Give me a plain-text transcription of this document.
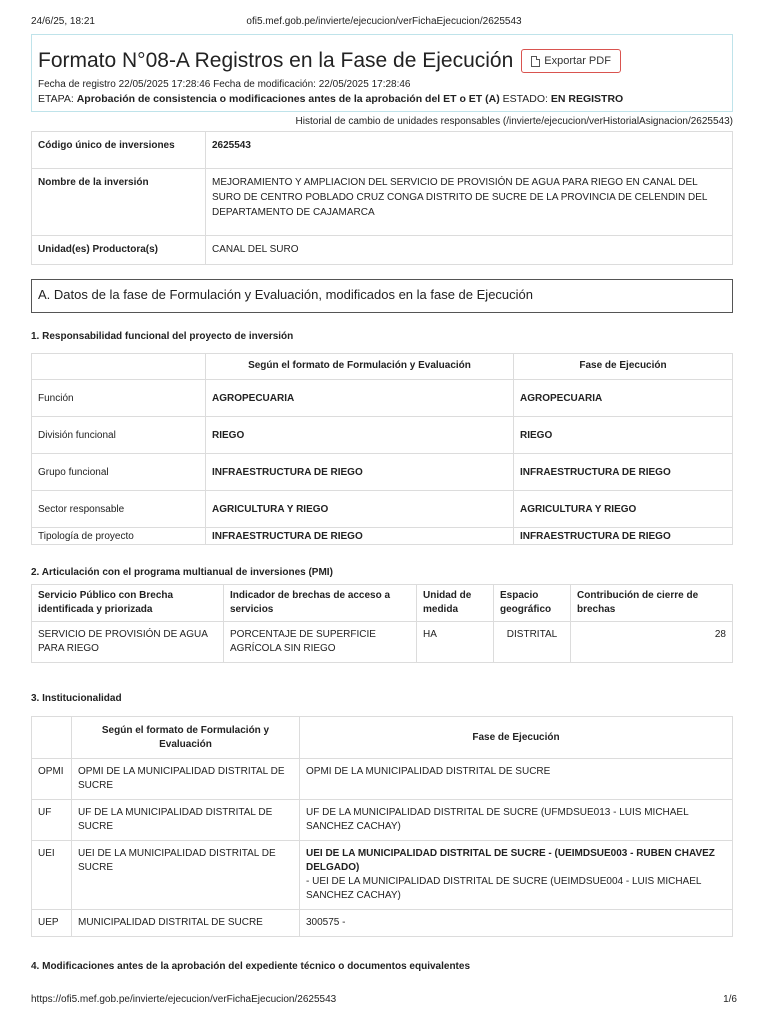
24/6/25, 18:21	ofi5.mef.gob.pe/invierte/ejecucion/verFichaEjecucion/2625543
Formato N°08-A Registros en la Fase de Ejecución	Exportar PDF
Fecha de registro 22/05/2025 17:28:46 Fecha de modificación: 22/05/2025 17:28:46
ETAPA: Aprobación de consistencia o modificaciones antes de la aprobación del ET o ET (A) ESTADO: EN REGISTRO
Historial de cambio de unidades responsables (/invierte/ejecucion/verHistorialAsignacion/2625543)
Código único de inversiones	2625543
Nombre de la inversión	MEJORAMIENTO Y AMPLIACION DEL SERVICIO DE PROVISIÓN DE AGUA PARA RIEGO EN CANAL DEL SURO DE CENTRO POBLADO CRUZ CONGA DISTRITO DE SUCRE DE LA PROVINCIA DE CELENDIN DEL DEPARTAMENTO DE CAJAMARCA
Unidad(es) Productora(s)	CANAL DEL SURO
A. Datos de la fase de Formulación y Evaluación, modificados en la fase de Ejecución
1. Responsabilidad funcional del proyecto de inversión
	Según el formato de Formulación y Evaluación	Fase de Ejecución
Función	AGROPECUARIA	AGROPECUARIA
División funcional	RIEGO	RIEGO
Grupo funcional	INFRAESTRUCTURA DE RIEGO	INFRAESTRUCTURA DE RIEGO
Sector responsable	AGRICULTURA Y RIEGO	AGRICULTURA Y RIEGO
Tipología de proyecto	INFRAESTRUCTURA DE RIEGO	INFRAESTRUCTURA DE RIEGO
2. Articulación con el programa multianual de inversiones (PMI)
Servicio Público con Brecha identificada y priorizada	Indicador de brechas de acceso a servicios	Unidad de medida	Espacio geográfico	Contribución de cierre de brechas
SERVICIO DE PROVISIÓN DE AGUA PARA RIEGO	PORCENTAJE DE SUPERFICIE AGRÍCOLA SIN RIEGO	HA	DISTRITAL	28
3. Institucionalidad
	Según el formato de Formulación y Evaluación	Fase de Ejecución
OPMI	OPMI DE LA MUNICIPALIDAD DISTRITAL DE SUCRE	OPMI DE LA MUNICIPALIDAD DISTRITAL DE SUCRE
UF	UF DE LA MUNICIPALIDAD DISTRITAL DE SUCRE	UF DE LA MUNICIPALIDAD DISTRITAL DE SUCRE (UFMDSUE013 - LUIS MICHAEL SANCHEZ CACHAY)
UEI	UEI DE LA MUNICIPALIDAD DISTRITAL DE SUCRE	UEI DE LA MUNICIPALIDAD DISTRITAL DE SUCRE - (UEIMDSUE003 - RUBEN CHAVEZ DELGADO)
- UEI DE LA MUNICIPALIDAD DISTRITAL DE SUCRE (UEIMDSUE004 - LUIS MICHAEL SANCHEZ CACHAY)

UEP	MUNICIPALIDAD DISTRITAL DE SUCRE	300575 -
4. Modificaciones antes de la aprobación del expediente técnico o documentos equivalentes
https://ofi5.mef.gob.pe/invierte/ejecucion/verFichaEjecucion/2625543	1/6
